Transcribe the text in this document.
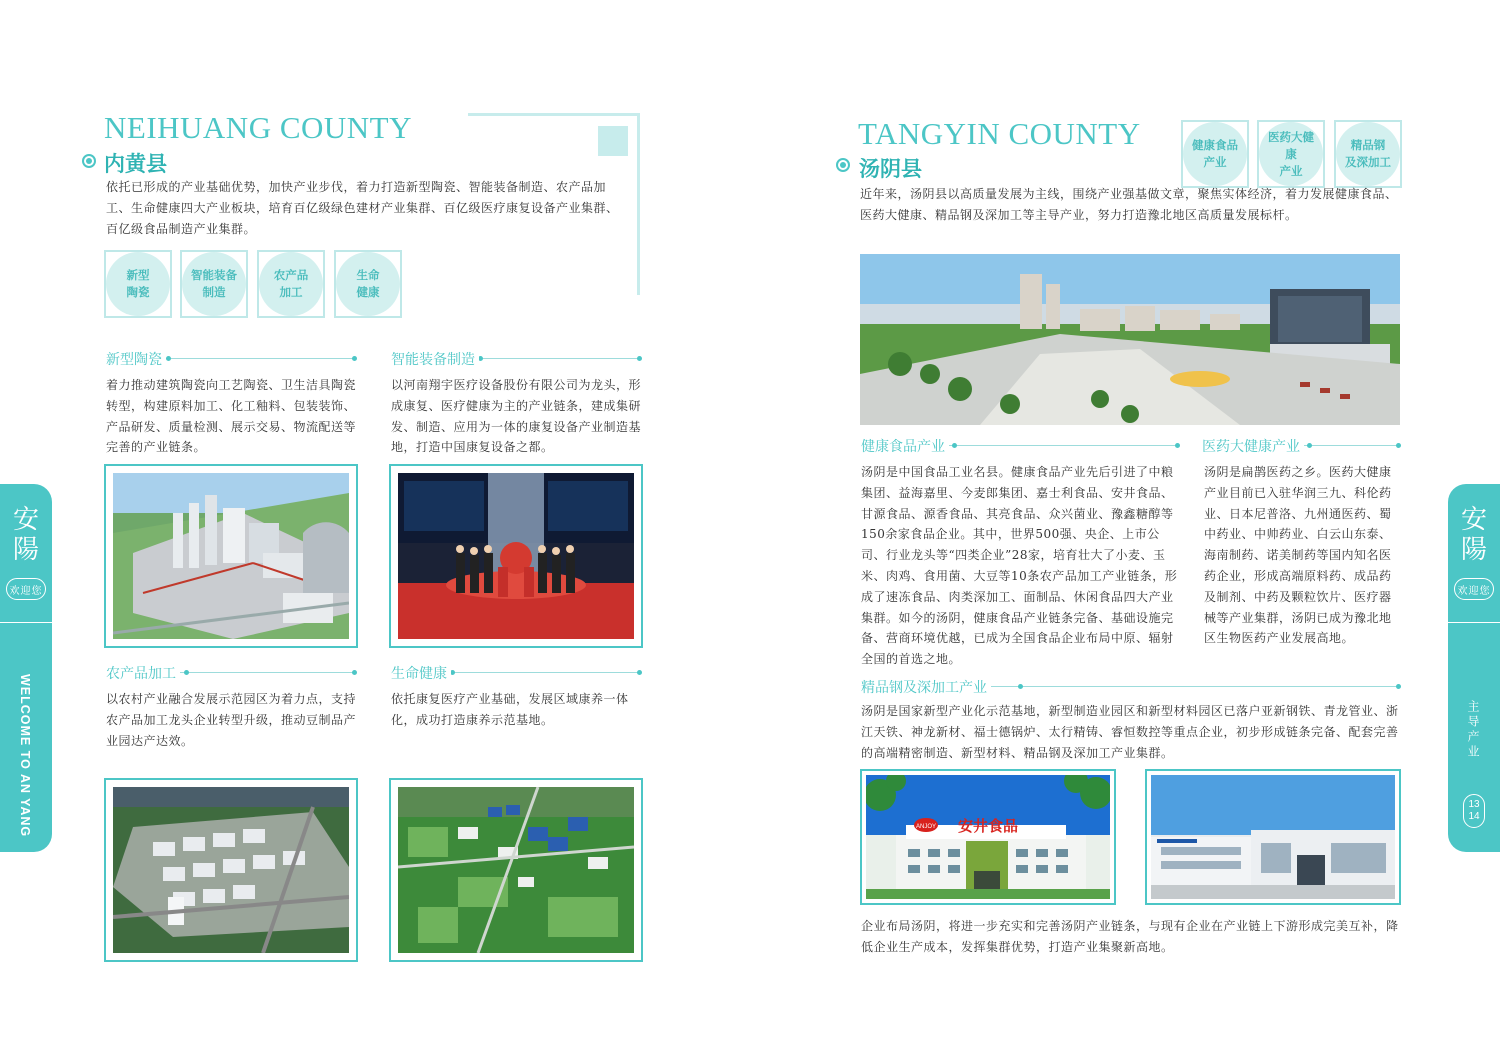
NEIHUANG COUNTY
内黄县
依托已形成的产业基础优势，加快产业步伐，着力打造新型陶瓷、智能装备制造、农产品加工、生命健康四大产业板块，培育百亿级绿色建材产业集群、百亿级医疗康复设备产业集群、百亿级食品制造产业集群。
新型
陶瓷
智能装备
制造
农产品
加工
生命
健康
新型陶瓷
着力推动建筑陶瓷向工艺陶瓷、卫生洁具陶瓷转型，构建原料加工、化工釉料、包装装饰、产品研发、质量检测、展示交易、物流配送等完善的产业链条。
智能装备制造
以河南翔宇医疗设备股份有限公司为龙头，形成康复、医疗健康为主的产业链条，建成集研发、制造、应用为一体的康复设备产业制造基地，打造中国康复设备之都。
农产品加工
以农村产业融合发展示范园区为着力点，支持农产品加工龙头企业转型升级，推动豆制品产业园达产达效。
生命健康
依托康复医疗产业基础，发展区域康养一体化，成功打造康养示范基地。
安
陽
欢迎您
WELCOME TO AN YANG
TANGYIN COUNTY
汤阴县
健康食品
产业
医药大健康
产业
精品钢
及深加工
近年来，汤阴县以高质量发展为主线，围绕产业强基做文章，聚焦实体经济，着力发展健康食品、医药大健康、精品钢及深加工等主导产业，努力打造豫北地区高质量发展标杆。
健康食品产业
汤阴是中国食品工业名县。健康食品产业先后引进了中粮集团、益海嘉里、今麦郎集团、嘉士利食品、安井食品、甘源食品、源香食品、其亮食品、众兴菌业、豫鑫糖醇等150余家食品企业。其中，世界500强、央企、上市公司、行业龙头等“四类企业”28家，培育壮大了小麦、玉米、肉鸡、食用菌、大豆等10条农产品加工产业链条，形成了速冻食品、肉类深加工、面制品、休闲食品四大产业集群。如今的汤阴，健康食品产业链条完备、基础设施完备、营商环境优越，已成为全国食品企业布局中原、辐射全国的首选之地。
医药大健康产业
汤阴是扁鹊医药之乡。医药大健康产业目前已入驻华润三九、科伦药业、日本尼普洛、九州通医药、蜀中药业、中帅药业、白云山东泰、海南制药、诺美制药等国内知名医药企业，形成高端原料药、成品药及制剂、中药及颗粒饮片、医疗器械等产业集群，汤阴已成为豫北地区生物医药产业发展高地。
精品钢及深加工产业
汤阴是国家新型产业化示范基地，新型制造业园区和新型材料园区已落户亚新钢铁、青龙管业、浙江天铁、神龙新材、福士德锅炉、太行精铸、睿恒数控等重点企业，初步形成链条完备、配套完善的高端精密制造、新型材料、精品钢及深加工产业集群。
安井食品
ANJOY
企业布局汤阴，将进一步充实和完善汤阴产业链条，与现有企业在产业链上下游形成完美互补，降低企业生产成本，发挥集群优势，打造产业集聚新高地。
安
陽
欢迎您
主导产业
13
14
